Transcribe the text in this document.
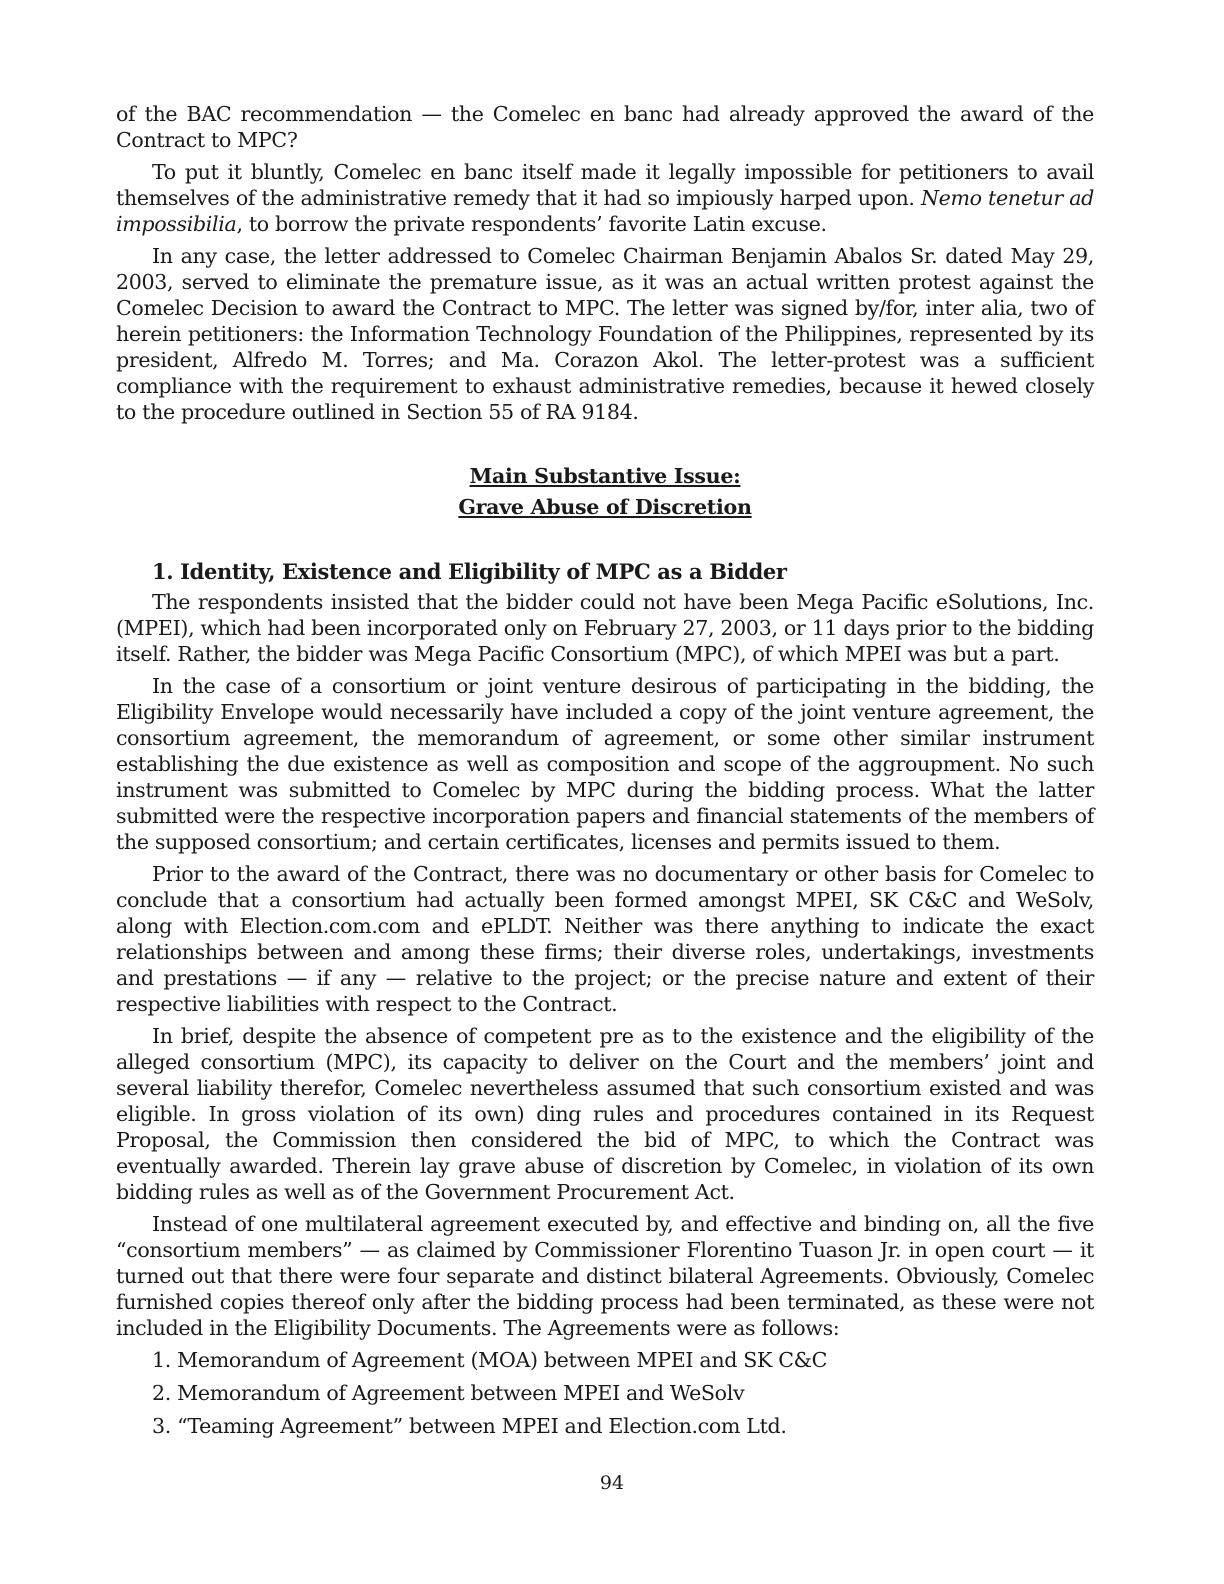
of the BAC recommendation — the Comelec en banc had already approved the award of the Contract to MPC?

To put it bluntly, Comelec en banc itself made it legally impossible for petitioners to avail themselves of the administrative remedy that it had so impiously harped upon. Nemo tenetur ad impossibilia, to borrow the private respondents’ favorite Latin excuse.

In any case, the letter addressed to Comelec Chairman Benjamin Abalos Sr. dated May 29, 2003, served to eliminate the premature issue, as it was an actual written protest against the Comelec Decision to award the Contract to MPC. The letter was signed by/for, inter alia, two of herein petitioners: the Information Technology Foundation of the Philippines, represented by its president, Alfredo M. Torres; and Ma. Corazon Akol. The letter-protest was a sufficient compliance with the requirement to exhaust administrative remedies, because it hewed closely to the procedure outlined in Section 55 of RA 9184.

Main Substantive Issue:
Grave Abuse of Discretion
1. Identity, Existence and Eligibility of MPC as a Bidder

The respondents insisted that the bidder could not have been Mega Pacific eSolutions, Inc. (MPEI), which had been incorporated only on February 27, 2003, or 11 days prior to the bidding itself. Rather, the bidder was Mega Pacific Consortium (MPC), of which MPEI was but a part.

In the case of a consortium or joint venture desirous of participating in the bidding, the Eligibility Envelope would necessarily have included a copy of the joint venture agreement, the consortium agreement, the memorandum of agreement, or some other similar instrument establishing the due existence as well as composition and scope of the aggroupment. No such instrument was submitted to Comelec by MPC during the bidding process. What the latter submitted were the respective incorporation papers and financial statements of the members of the supposed consortium; and certain certificates, licenses and permits issued to them.

Prior to the award of the Contract, there was no documentary or other basis for Comelec to conclude that a consortium had actually been formed amongst MPEI, SK C&C and WeSolv, along with Election.com.com and ePLDT. Neither was there anything to indicate the exact relationships between and among these firms; their diverse roles, undertakings, investments and prestations — if any — relative to the project; or the precise nature and extent of their respective liabilities with respect to the Contract.

In brief, despite the absence of competent pre as to the existence and the eligibility of the alleged consortium (MPC), its capacity to deliver on the Court and the members’ joint and several liability therefor, Comelec nevertheless assumed that such consortium existed and was eligible. In gross violation of its own) ding rules and procedures contained in its Request Proposal, the Commission then considered the bid of MPC, to which the Contract was eventually awarded. Therein lay grave abuse of discretion by Comelec, in violation of its own bidding rules as well as of the Government Procurement Act.

Instead of one multilateral agreement executed by, and effective and binding on, all the five “consortium members” — as claimed by Commissioner Florentino Tuason Jr. in open court — it turned out that there were four separate and distinct bilateral Agreements. Obviously, Comelec furnished copies thereof only after the bidding process had been terminated, as these were not included in the Eligibility Documents. The Agreements were as follows:

1. Memorandum of Agreement (MOA) between MPEI and SK C&C
2. Memorandum of Agreement between MPEI and WeSolv
3. “Teaming Agreement” between MPEI and Election.com Ltd.
94
